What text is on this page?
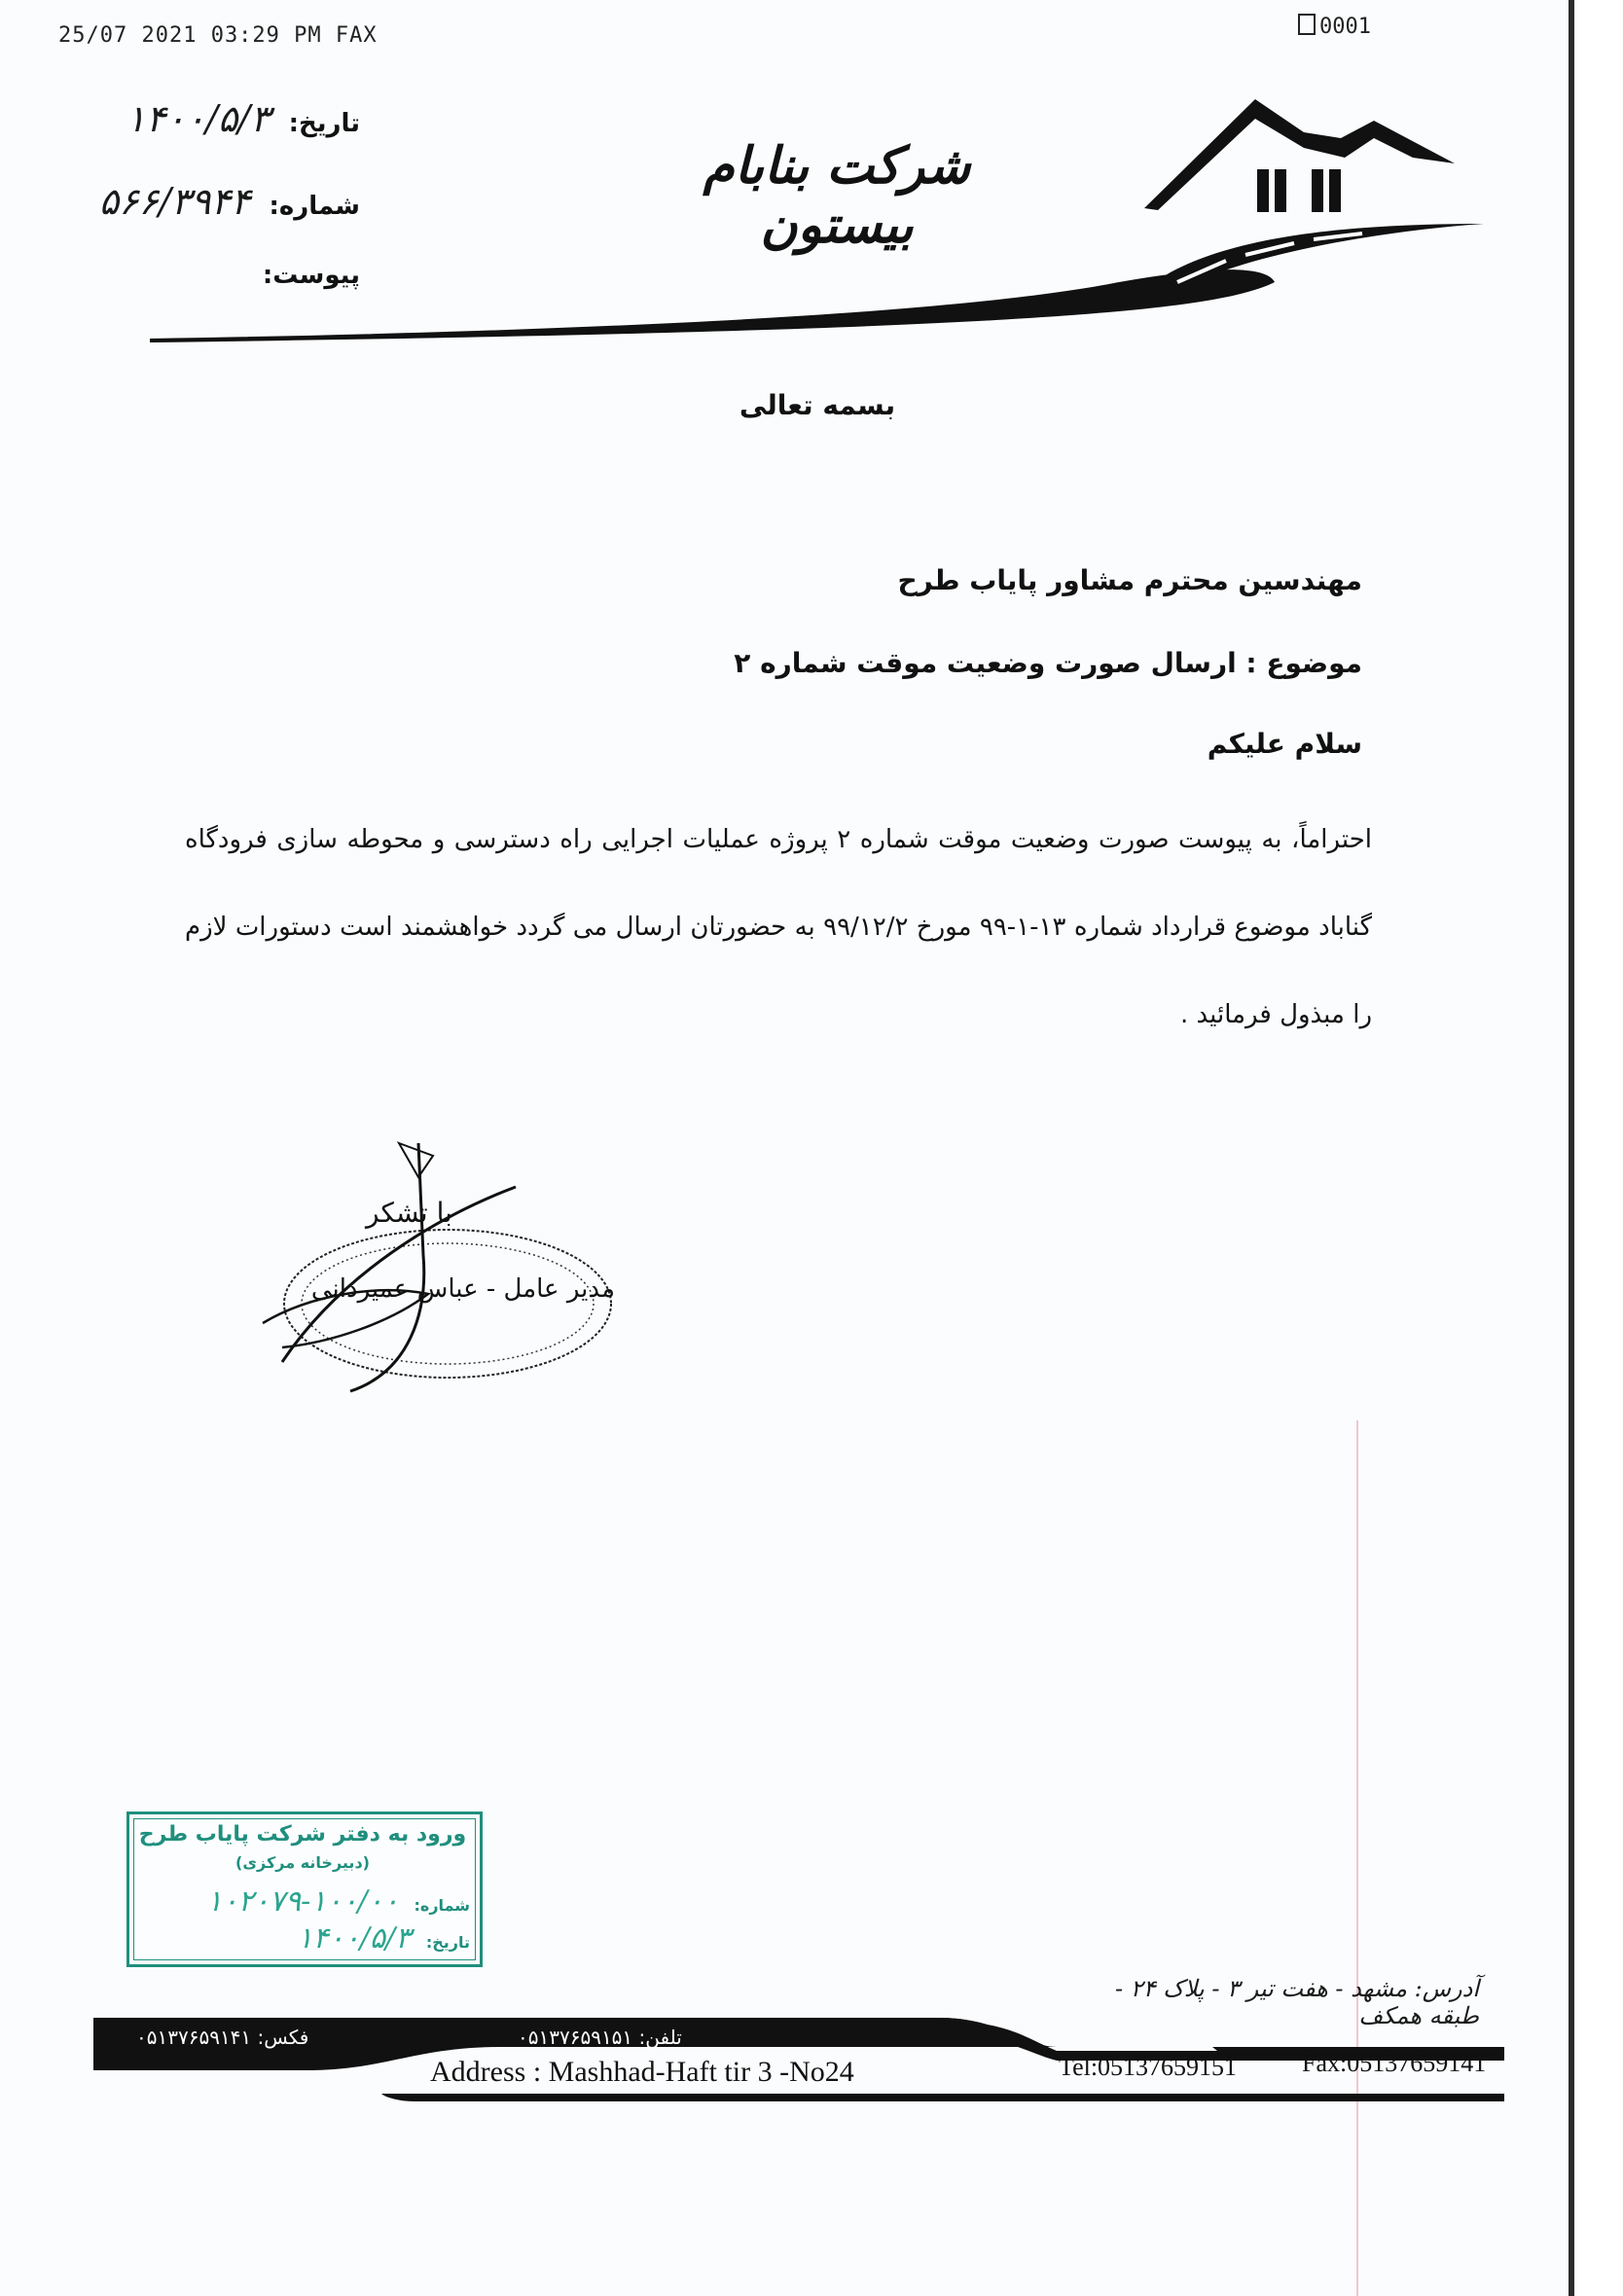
25/07 2021 03:29 PM FAX	0001
تاریخ: ۱۴۰۰/۵/۳
شماره: ۵۶۶/۳۹۴۴
پیوست:
شرکت بنابام بیستون
بسمه تعالی
مهندسین محترم مشاور پایاب طرح
موضوع : ارسال صورت وضعیت موقت شماره ۲
سلام علیکم
احتراماً، به پیوست صورت وضعیت موقت شماره ۲ پروژه عملیات اجرایی راه دسترسی و محوطه سازی فرودگاه گناباد موضوع قرارداد شماره ۱۳-۱-۹۹ مورخ ۹۹/۱۲/۲ به حضورتان ارسال می گردد خواهشمند است دستورات لازم را مبذول فرمائید .
با تشکر
مدیر عامل - عباس عمیردانی
ورود به دفتر شرکت پایاب طرح
(دبیرخانه مرکزی)
شماره: ۱۰۰/۰۰-۱۰۲۰۷۹
تاریخ: ۱۴۰۰/۵/۳
آدرس: مشهد - هفت تیر ۳ - پلاک ۲۴ - طبقه همکف
فکس: ۰۵۱۳۷۶۵۹۱۴۱	تلفن: ۰۵۱۳۷۶۵۹۱۵۱
Address : Mashhad-Haft tir 3 -No24	Tel:05137659151	Fax:05137659141
